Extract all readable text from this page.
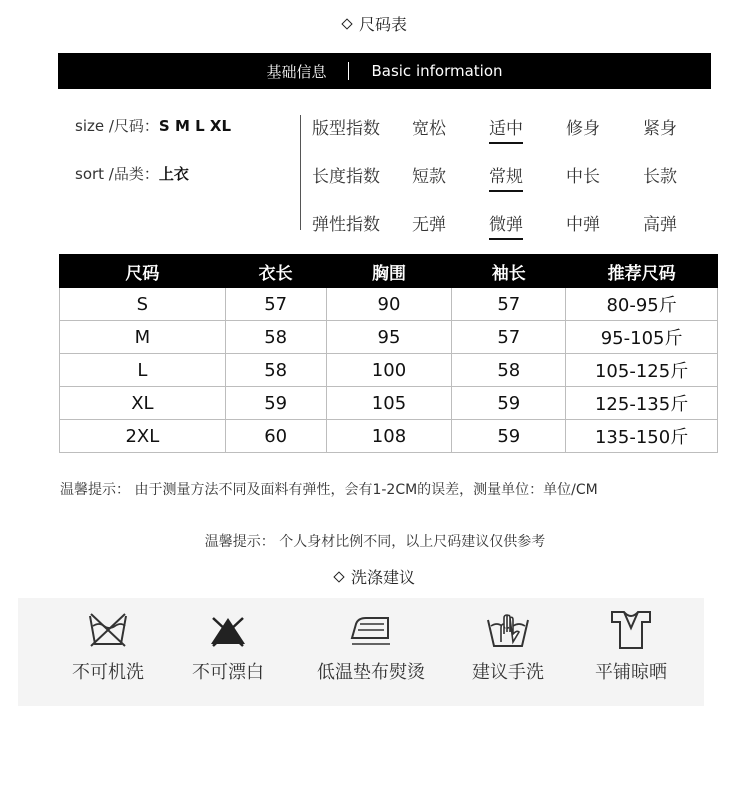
尺码表
基础信息	Basic information
size /尺码：S M L XL
sort /品类：上衣
版型指数 宽松	适中	修身	紧身
长度指数 短款	常规	中长	长款
弹性指数 无弹	微弹	中弹	高弹
尺码	衣长	胸围	袖长	推荐尺码
S	57	90	57	80-95斤
M	58	95	57	95-105斤
L	58	100	58	105-125斤
XL	59	105	59	125-135斤
2XL	60	108	59	135-150斤
温馨提示： 由于测量方法不同及面料有弹性，会有1-2CM的误差，测量单位：单位/CM
温馨提示： 个人身材比例不同，以上尺码建议仅供参考
洗涤建议
不可机洗	不可漂白	低温垫布熨烫	建议手洗	平铺晾晒
